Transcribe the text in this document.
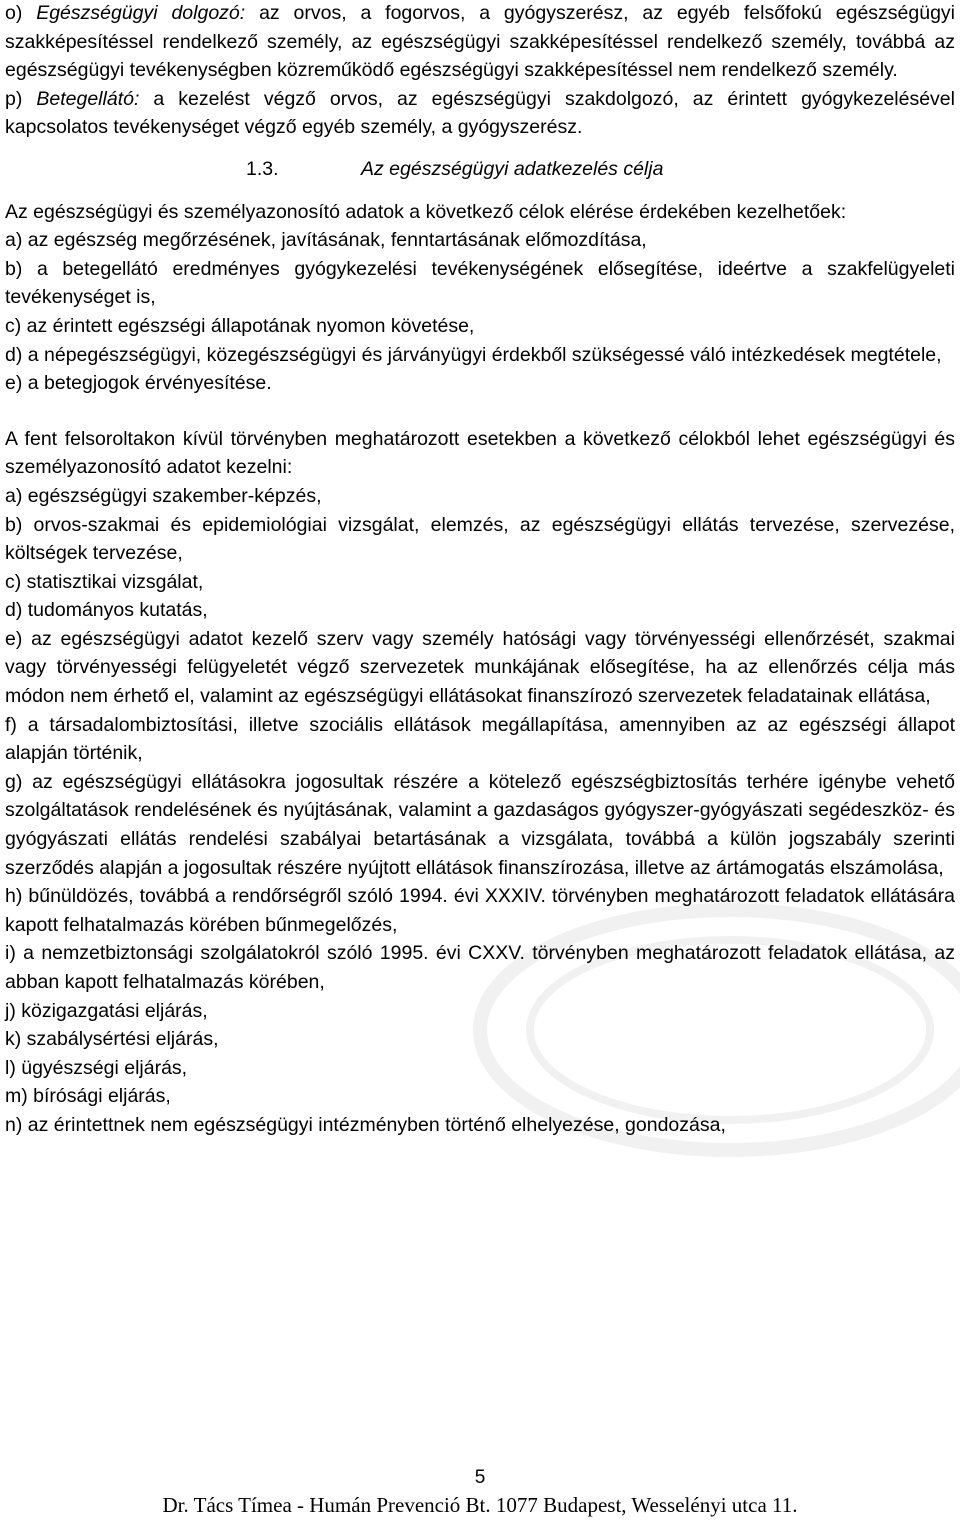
o) Egészségügyi dolgozó: az orvos, a fogorvos, a gyógyszerész, az egyéb felsőfokú egészségügyi szakképesítéssel rendelkező személy, az egészségügyi szakképesítéssel rendelkező személy, továbbá az egészségügyi tevékenységben közreműködő egészségügyi szakképesítéssel nem rendelkező személy.

p) Betegellátó: a kezelést végző orvos, az egészségügyi szakdolgozó, az érintett gyógykezelésével kapcsolatos tevékenységet végző egyéb személy, a gyógyszerész.

1.3.	Az egészségügyi adatkezelés célja

Az egészségügyi és személyazonosító adatok a következő célok elérése érdekében kezelhetőek:

a) az egészség megőrzésének, javításának, fenntartásának előmozdítása,

b) a betegellátó eredményes gyógykezelési tevékenységének elősegítése, ideértve a szakfelügyeleti tevékenységet is,

c) az érintett egészségi állapotának nyomon követése,

d) a népegészségügyi, közegészségügyi és járványügyi érdekből szükségessé váló intézkedések megtétele,

e) a betegjogok érvényesítése.

A fent felsoroltakon kívül törvényben meghatározott esetekben a következő célokból lehet egészségügyi és személyazonosító adatot kezelni:

a) egészségügyi szakember-képzés,

b) orvos-szakmai és epidemiológiai vizsgálat, elemzés, az egészségügyi ellátás tervezése, szervezése, költségek tervezése,

c) statisztikai vizsgálat,

d) tudományos kutatás,

e) az egészségügyi adatot kezelő szerv vagy személy hatósági vagy törvényességi ellenőrzését, szakmai vagy törvényességi felügyeletét végző szervezetek munkájának elősegítése, ha az ellenőrzés célja más módon nem érhető el, valamint az egészségügyi ellátásokat finanszírozó szervezetek feladatainak ellátása,

f) a társadalombiztosítási, illetve szociális ellátások megállapítása, amennyiben az az egészségi állapot alapján történik,

g) az egészségügyi ellátásokra jogosultak részére a kötelező egészségbiztosítás terhére igénybe vehető szolgáltatások rendelésének és nyújtásának, valamint a gazdaságos gyógyszer-gyógyászati segédeszköz- és gyógyászati ellátás rendelési szabályai betartásának a vizsgálata, továbbá a külön jogszabály szerinti szerződés alapján a jogosultak részére nyújtott ellátások finanszírozása, illetve az ártámogatás elszámolása,

h) bűnüldözés, továbbá a rendőrségről szóló 1994. évi XXXIV. törvényben meghatározott feladatok ellátására kapott felhatalmazás körében bűnmegelőzés,

i) a nemzetbiztonsági szolgálatokról szóló 1995. évi CXXV. törvényben meghatározott feladatok ellátása, az abban kapott felhatalmazás körében,

j) közigazgatási eljárás,

k) szabálysértési eljárás,

l) ügyészségi eljárás,

m) bírósági eljárás,

n) az érintettnek nem egészségügyi intézményben történő elhelyezése, gondozása,

5
Dr. Tács Tímea - Humán Prevenció Bt. 1077 Budapest, Wesselényi utca 11.
